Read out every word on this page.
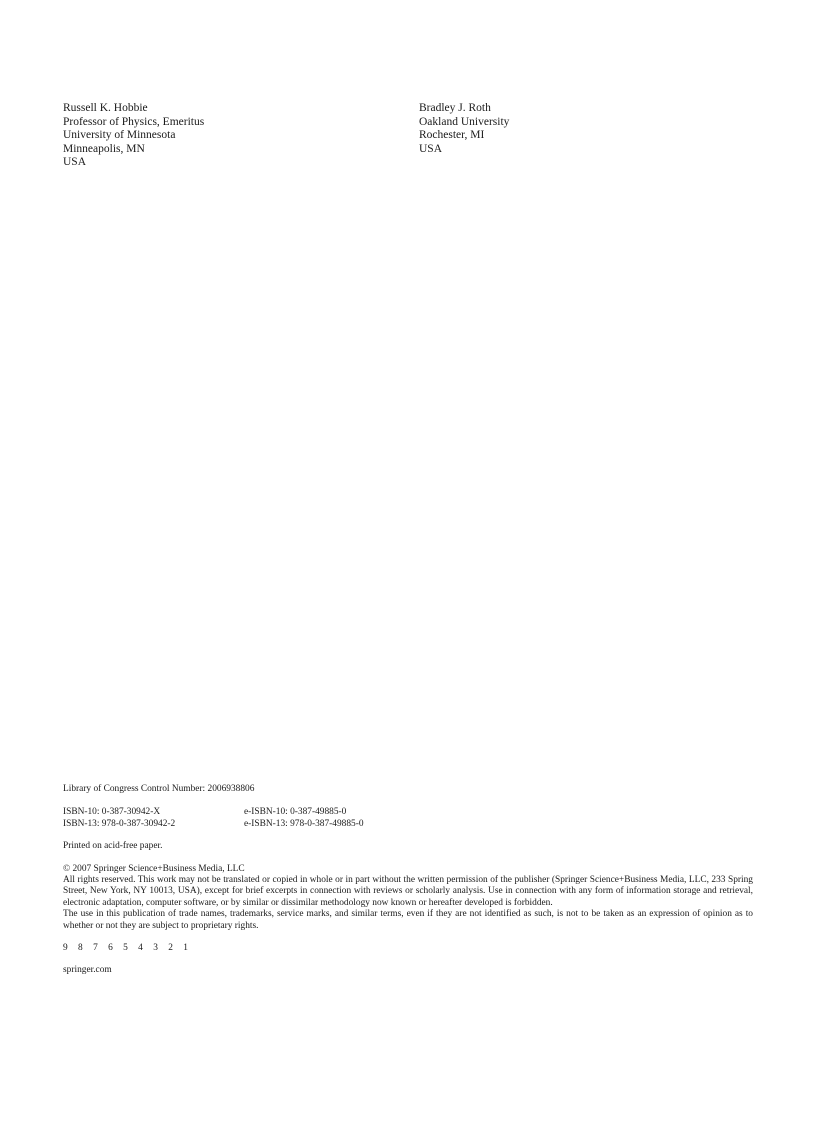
Russell K. Hobbie
Professor of Physics, Emeritus
University of Minnesota
Minneapolis, MN
USA
Bradley J. Roth
Oakland University
Rochester, MI
USA

Library of Congress Control Number: 2006938806

ISBN-10: 0-387-30942-X	e-ISBN-10: 0-387-49885-0
ISBN-13: 978-0-387-30942-2	e-ISBN-13: 978-0-387-49885-0

Printed on acid-free paper.

© 2007 Springer Science+Business Media, LLC

All rights reserved. This work may not be translated or copied in whole or in part without the written permission of the publisher (Springer Science+Business Media, LLC, 233 Spring Street, New York, NY 10013, USA), except for brief excerpts in connection with reviews or scholarly analysis. Use in connection with any form of information storage and retrieval, electronic adaptation, computer software, or by similar or dissimilar methodology now known or hereafter developed is forbidden.

The use in this publication of trade names, trademarks, service marks, and similar terms, even if they are not identified as such, is not to be taken as an expression of opinion as to whether or not they are subject to proprietary rights.

9 8 7 6 5 4 3 2 1

springer.com
